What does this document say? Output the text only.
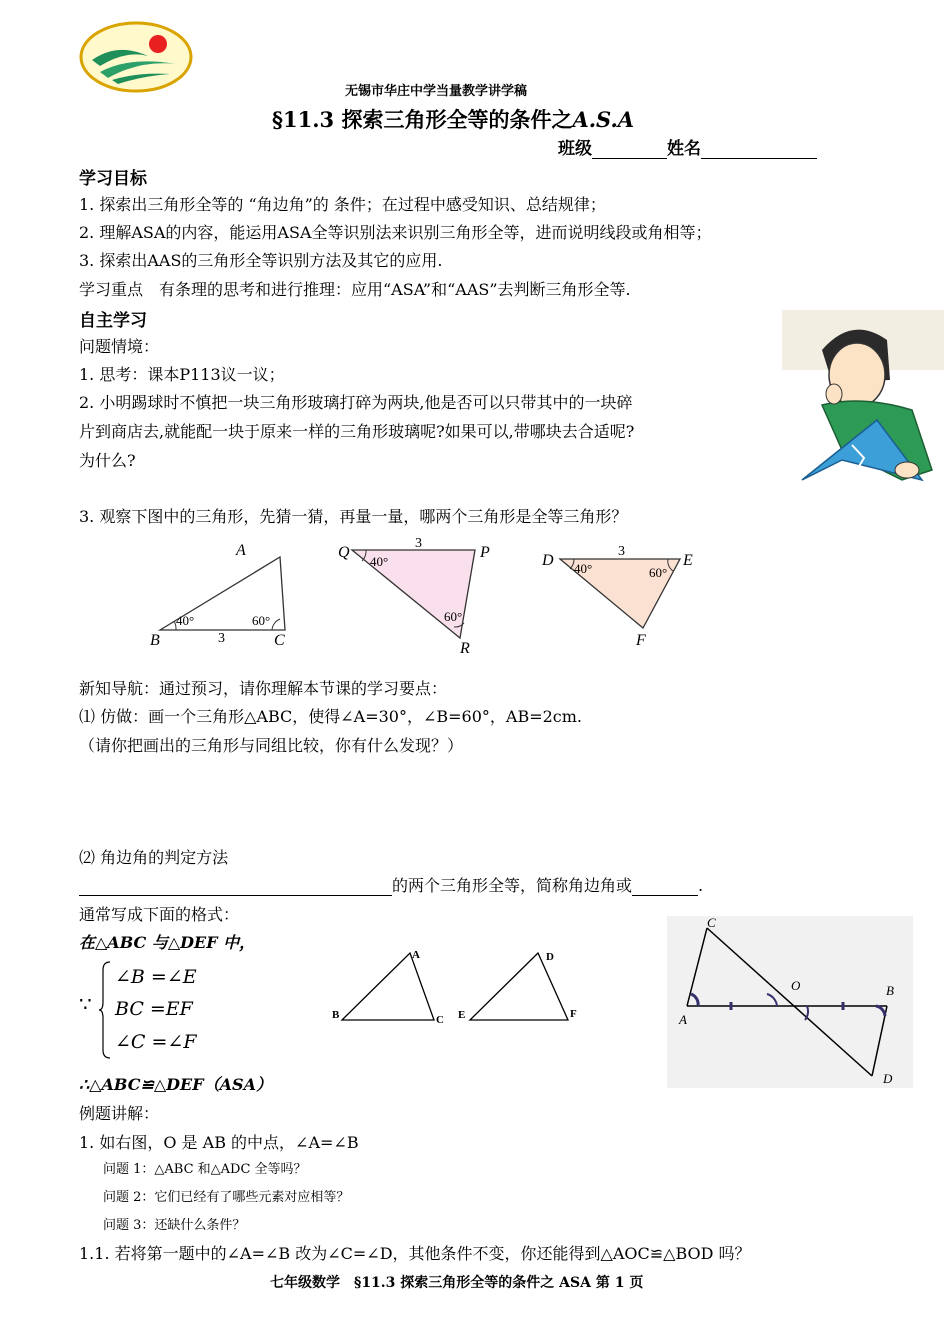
无锡市华庄中学当量教学讲学稿
§11.3 探索三角形全等的条件之A.S.A
班级	姓名
学习目标
1. 探索出三角形全等的 “角边角”的 条件；在过程中感受知识、总结规律；
2. 理解ASA的内容，能运用ASA全等识别法来识别三角形全等，进而说明线段或角相等；
3. 探索出AAS的三角形全等识别方法及其它的应用.
学习重点　有条理的思考和进行推理：应用“ASA”和“AAS”去判断三角形全等.
自主学习
问题情境：
1. 思考：课本P113议一议；
2. 小明踢球时不慎把一块三角形玻璃打碎为两块,他是否可以只带其中的一块碎
片到商店去,就能配一块于原来一样的三角形玻璃呢?如果可以,带哪块去合适呢?
为什么?
3. 观察下图中的三角形，先猜一猜，再量一量，哪两个三角形是全等三角形？
A
B	C
40°	60°
3
Q	P
R
40°
60°
3
D	E
F
40°	60°
3
新知导航：通过预习，请你理解本节课的学习要点：
⑴ 仿做：画一个三角形△ABC，使得∠A=30°，∠B=60°，AB=2cm.
（请你把画出的三角形与同组比较，你有什么发现？）
⑵ 角边角的判定方法
的两个三角形全等，简称角边角或	.
通常写成下面的格式：
在△ABC 与△DEF 中，
∵
∠B =∠E
BC =EF
∠C =∠F
A
B	C
D
E	F
C
O	B
A
D
∴△ABC≌△DEF（ASA）
例题讲解：
1. 如右图，O 是 AB 的中点，∠A=∠B
问题 1：△ABC 和△ADC 全等吗？
问题 2：它们已经有了哪些元素对应相等？
问题 3：还缺什么条件？
1.1. 若将第一题中的∠A=∠B 改为∠C=∠D，其他条件不变，你还能得到△AOC≌△BOD 吗？
七年级数学　§11.3 探索三角形全等的条件之 ASA 第 1 页
